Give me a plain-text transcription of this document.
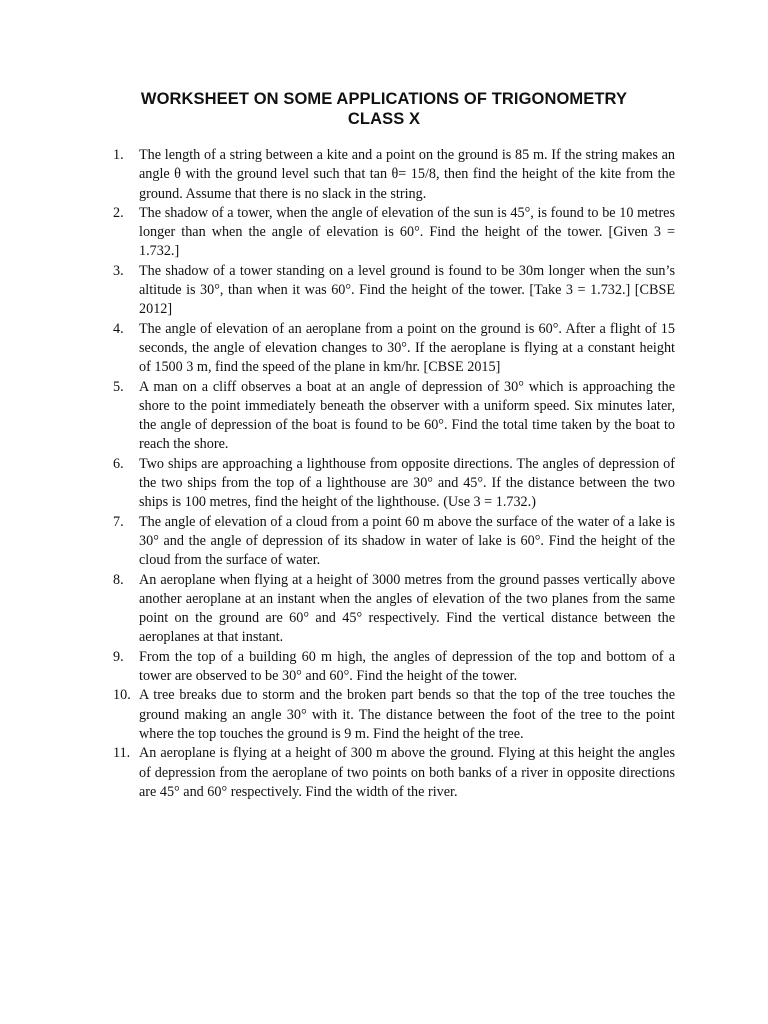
WORKSHEET ON SOME APPLICATIONS OF TRIGONOMETRY
CLASS X
1.	The length of a string between a kite and a point on the ground is 85 m. If the string makes an angle θ with the ground level such that tan θ= 15/8, then find the height of the kite from the ground. Assume that there is no slack in the string.
2.	The shadow of a tower, when the angle of elevation of the sun is 45°, is found to be 10 metres longer than when the angle of elevation is 60°. Find the height of the tower. [Given 3 = 1.732.]
3.	The shadow of a tower standing on a level ground is found to be 30m longer when the sun’s altitude is 30°, than when it was 60°. Find the height of the tower. [Take 3 = 1.732.] [CBSE 2012]
4.	The angle of elevation of an aeroplane from a point on the ground is 60°. After a flight of 15 seconds, the angle of elevation changes to 30°. If the aeroplane is flying at a constant height of 1500 3 m, find the speed of the plane in km/hr. [CBSE 2015]
5.	A man on a cliff observes a boat at an angle of depression of 30° which is approaching the shore to the point immediately beneath the observer with a uniform speed. Six minutes later, the angle of depression of the boat is found to be 60°. Find the total time taken by the boat to reach the shore.
6.	Two ships are approaching a lighthouse from opposite directions. The angles of depression of the two ships from the top of a lighthouse are 30° and 45°. If the distance between the two ships is 100 metres, find the height of the lighthouse. (Use 3 = 1.732.)
7.	The angle of elevation of a cloud from a point 60 m above the surface of the water of a lake is 30° and the angle of depression of its shadow in water of lake is 60°. Find the height of the cloud from the surface of water.
8.	An aeroplane when flying at a height of 3000 metres from the ground passes vertically above another aeroplane at an instant when the angles of elevation of the two planes from the same point on the ground are 60° and 45° respectively. Find the vertical distance between the aeroplanes at that instant.
9.	From the top of a building 60 m high, the angles of depression of the top and bottom of a tower are observed to be 30° and 60°. Find the height of the tower.
10. A tree breaks due to storm and the broken part bends so that the top of the tree touches the ground making an angle 30° with it. The distance between the foot of the tree to the point where the top touches the ground is 9 m. Find the height of the tree.
11. An aeroplane is flying at a height of 300 m above the ground. Flying at this height the angles of depression from the aeroplane of two points on both banks of a river in opposite directions are 45° and 60° respectively. Find the width of the river.
